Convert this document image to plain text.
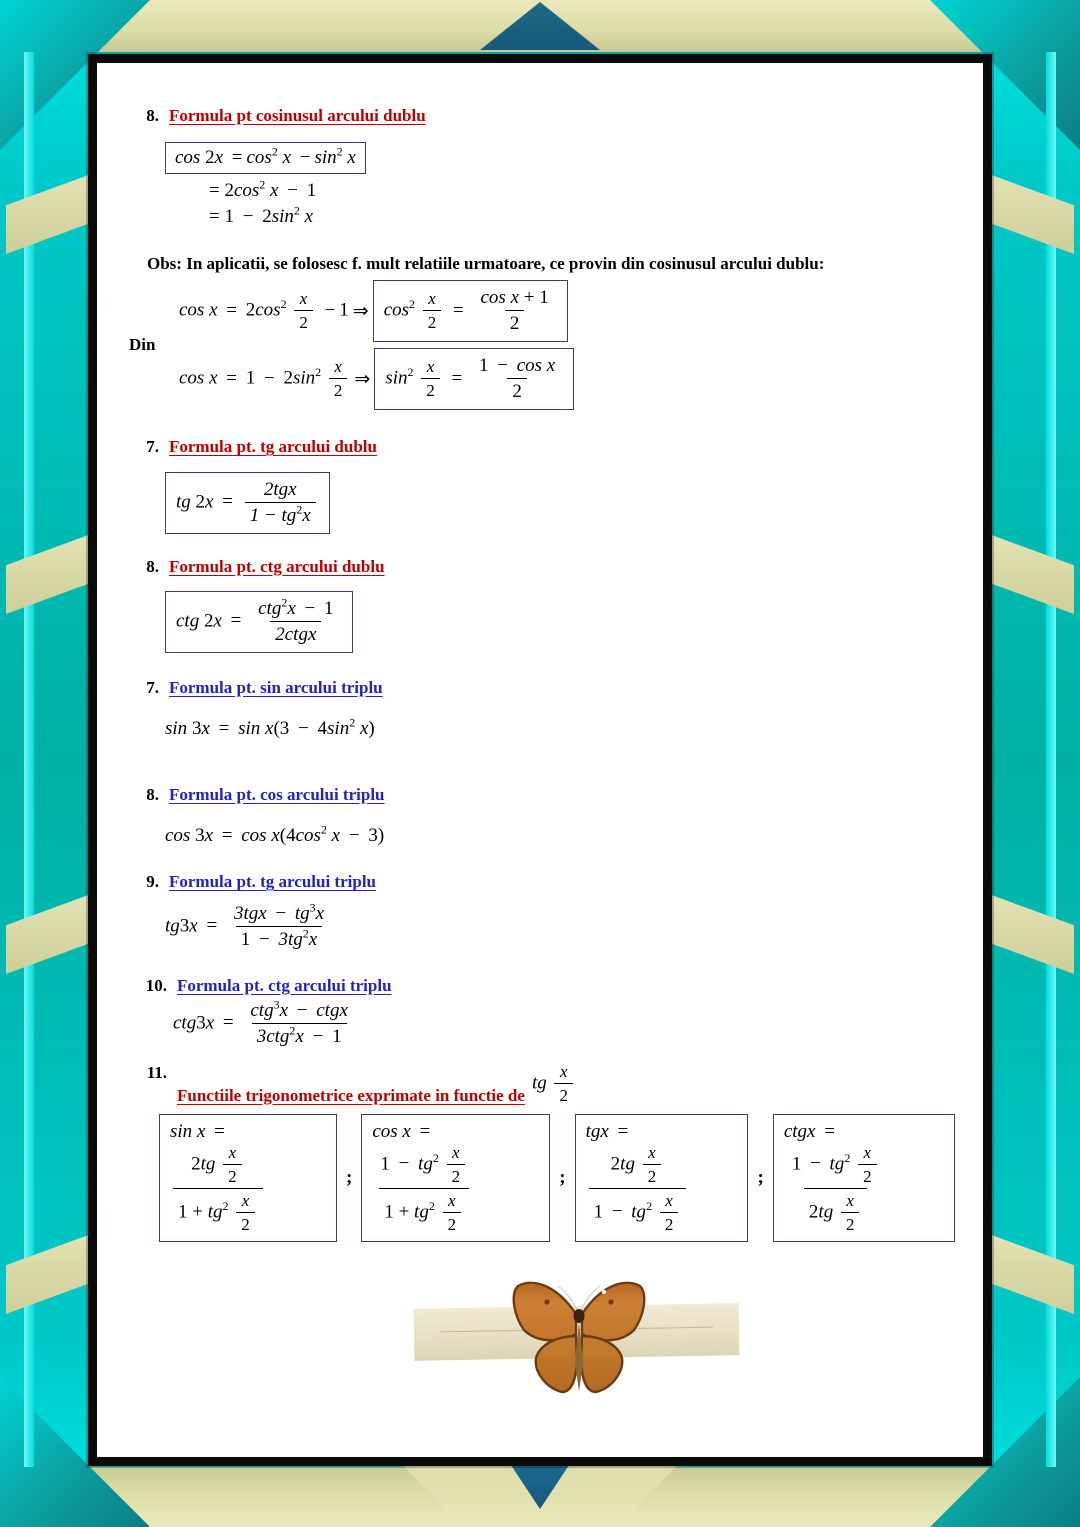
8. Formula pt cosinusul arcului dublu
$\cos 2x = \cos^2 x - \sin^2 x$
= $2\cos^2$ x − 1
= $1 - 2\sin^2$ x
Obs: In aplicatii, se folosesc f. mult relatiile urmatoare, ce provin din cosinusul arcului dublu:
Din
$\cos x = 2\cos^2 \frac{x}{2} - 1$ ⇒ $\cos^2 \frac{x}{2} = \frac{\text{cos x + 1}}{2}$
$\cos x = 1 - 2\sin^2 \frac{x}{2}$ ⇒ $\sin^2 \frac{x}{2} = \frac{\text{1 − cos x}}{2}$
7. Formula pt. tg arcului dublu
tg $2x = \frac{\text{2tgx}}{1 - tg^2x}$
8. Formula pt. ctg arcului dublu
ctg $2x = \frac{ctg^2x - 1}{\text{2ctgx}}$
7. Formula pt. sin arcului triplu
$\sin 3x = \sin x(3 - 4\sin^2$ x)
8. Formula pt. cos arcului triplu
$\cos 3x = \cos x(4\cos^2$ x − 3)
9. Formula pt. tg arcului triplu
$tg3x = \frac{3tgx - tg^3x}{1 - 3tg^2x}$
10. Formula pt. ctg arcului triplu
$ctg3x = \frac{ctg^3x - ctgx}{3ctg^2x - 1}$
11.
Functiile trigonometrice exprimate in functie de
tg $\frac{x}{2}$
sin x =
$\frac{2tg \frac{x}{2}}{1 + tg^2 \frac{x}{2}}$	;
cos x =
$\frac{1 - tg^2 \frac{x}{2}}{1 + tg^2 \frac{x}{2}}$	;
tgx =
$\frac{2tg \frac{x}{2}}{1 - tg^2 \frac{x}{2}}$	;
ctgx =
$\frac{1 - tg^2 \frac{x}{2}}{2tg \frac{x}{2}}$
